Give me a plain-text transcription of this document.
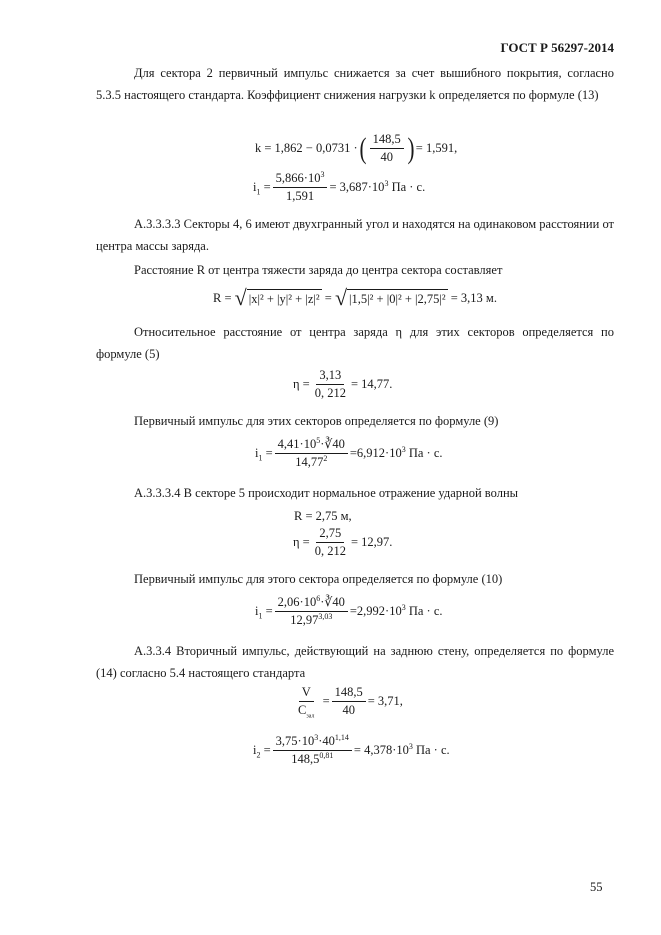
ГОСТ Р 56297-2014
Для сектора 2 первичный импульс снижается за счет вышибного покрытия, согласно 5.3.5 настоящего стандарта. Коэффициент снижения нагрузки k определяется по формуле (13)
k = 1,862 − 0,0731 · ( $\frac{148,5}{40}$ ) = 1,591,
$i_1 = \frac{5,866\cdot 10^3}{1,591} = 3,687\cdot 10^3$ Па · с.
А.3.3.3.3 Секторы 4, 6 имеют двухгранный угол и находятся на одинаковом расстоянии от центра массы заряда.
Расстояние R от центра тяжести заряда до центра сектора составляет
R =
√ |x|² + |y|² + |z|²
=
√ |1,5|² + |0|² + |2,75|²
= 3,13 м.
Относительное расстояние от центра заряда η для этих секторов определяется по формуле (5)
$\eta = \frac{3,13}{0, 212} = 14,77$.
Первичный импульс для этих секторов определяется по формуле (9)
$i_1 = \frac{4,41\cdot 10^5\cdot∛40}{14,77^2} =6,912\cdot 10^3$ Па · с.
А.3.3.3.4 В секторе 5 происходит нормальное отражение ударной волны
R = 2,75 м,
$\eta = \frac{2,75}{0, 212} = 12,97$.
Первичный импульс для этого сектора определяется по формуле (10)
$i_1 = \frac{2,06\cdot 10^6\cdot∛40}{12,97^{3,03}} =2,992\cdot 10^3$ Па · с.
А.3.3.4 Вторичный импульс, действующий на заднюю стену, определяется по формуле (14) согласно 5.4 настоящего стандарта
$\frac{V}{C_{зал}} = \frac{148,5}{40} = 3,71$,
$i_2 = \frac{3,75\cdot 10^3\cdot 40^{1,14}}{148,5^{0,81}} = 4,378\cdot 10^3$ Па · с.
55
